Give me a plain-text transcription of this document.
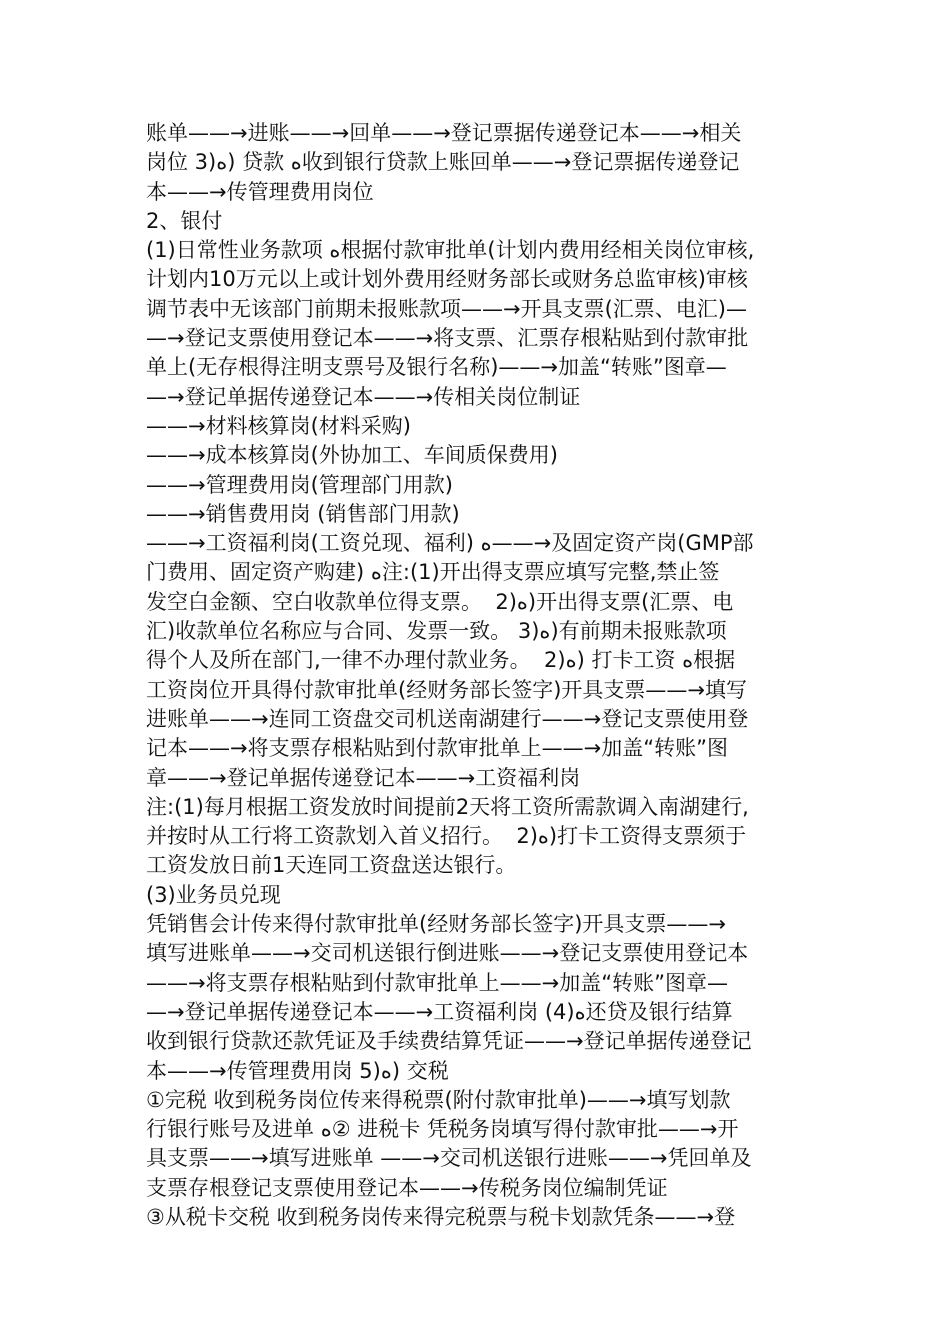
账单——→进账——→回单——→登记票据传递登记本——→相关
岗位 3)ﻩ) 贷款 ﻩ收到银行贷款上账回单——→登记票据传递登记
本——→传管理费用岗位
2、银付
(1)日常性业务款项 ﻩ根据付款审批单(计划内费用经相关岗位审核,
计划内10万元以上或计划外费用经财务部长或财务总监审核)审核
调节表中无该部门前期未报账款项——→开具支票(汇票、电汇)—
—→登记支票使用登记本——→将支票、汇票存根粘贴到付款审批
单上(无存根得注明支票号及银行名称)——→加盖“转账”图章—
—→登记单据传递登记本——→传相关岗位制证
——→材料核算岗(材料采购)
——→成本核算岗(外协加工、车间质保费用)
——→管理费用岗(管理部门用款)
——→销售费用岗 (销售部门用款)
——→工资福利岗(工资兑现、福利) ﻩ——→及固定资产岗(GMP部
门费用、固定资产购建) ﻩ注:(1)开出得支票应填写完整,禁止签
发空白金额、空白收款单位得支票。  2)ﻩ)开出得支票(汇票、电
汇)收款单位名称应与合同、发票一致。 3)ﻩ)有前期未报账款项
得个人及所在部门,一律不办理付款业务。  2)ﻩ) 打卡工资 ﻩ根据
工资岗位开具得付款审批单(经财务部长签字)开具支票——→填写
进账单——→连同工资盘交司机送南湖建行——→登记支票使用登
记本——→将支票存根粘贴到付款审批单上——→加盖“转账”图
章——→登记单据传递登记本——→工资福利岗
注:(1)每月根据工资发放时间提前2天将工资所需款调入南湖建行,
并按时从工行将工资款划入首义招行。  2)ﻩ)打卡工资得支票须于
工资发放日前1天连同工资盘送达银行。
(3)业务员兑现
凭销售会计传来得付款审批单(经财务部长签字)开具支票——→
填写进账单——→交司机送银行倒进账——→登记支票使用登记本
——→将支票存根粘贴到付款审批单上——→加盖“转账”图章—
—→登记单据传递登记本——→工资福利岗 (4)ﻩ还贷及银行结算
收到银行贷款还款凭证及手续费结算凭证——→登记单据传递登记
本——→传管理费用岗 5)ﻩ) 交税
①完税 收到税务岗位传来得税票(附付款审批单)——→填写划款
行银行账号及进单 ﻩ② 进税卡 凭税务岗填写得付款审批——→开
具支票——→填写进账单 ——→交司机送银行进账——→凭回单及
支票存根登记支票使用登记本——→传税务岗位编制凭证
③从税卡交税 收到税务岗传来得完税票与税卡划款凭条——→登
